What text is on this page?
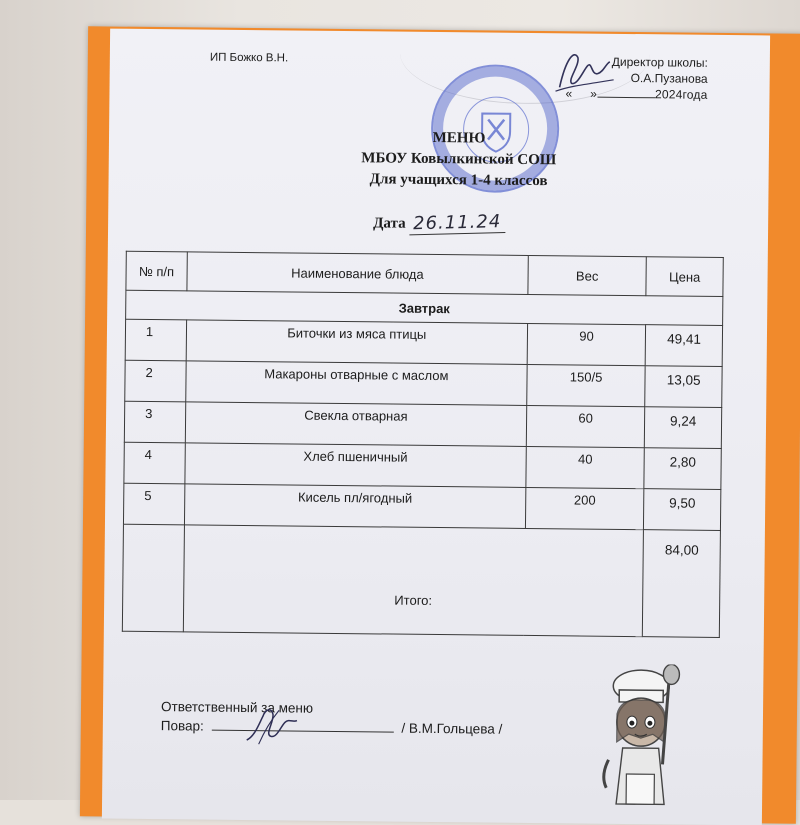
ИП Божко В.Н.	Директор школы:
О.А.Пузанова
« »	2024года
МЕНЮ
МБОУ Ковылкинской СОШ
Для учащихся 1-4 классов
Дата 26.11.24
№ п/п	Наименование блюда	Вес	Цена
Завтрак			
1	Биточки из мяса птицы	90	49,41
2	Макароны отварные с маслом	150/5	13,05
3	Свекла отварная	60	9,24
4	Хлеб пшеничный	40	2,80
5	Кисель пл/ягодный	200	9,50
	Итого:		84,00
Ответственный за меню
Повар:	/ В.М.Гольцева /
